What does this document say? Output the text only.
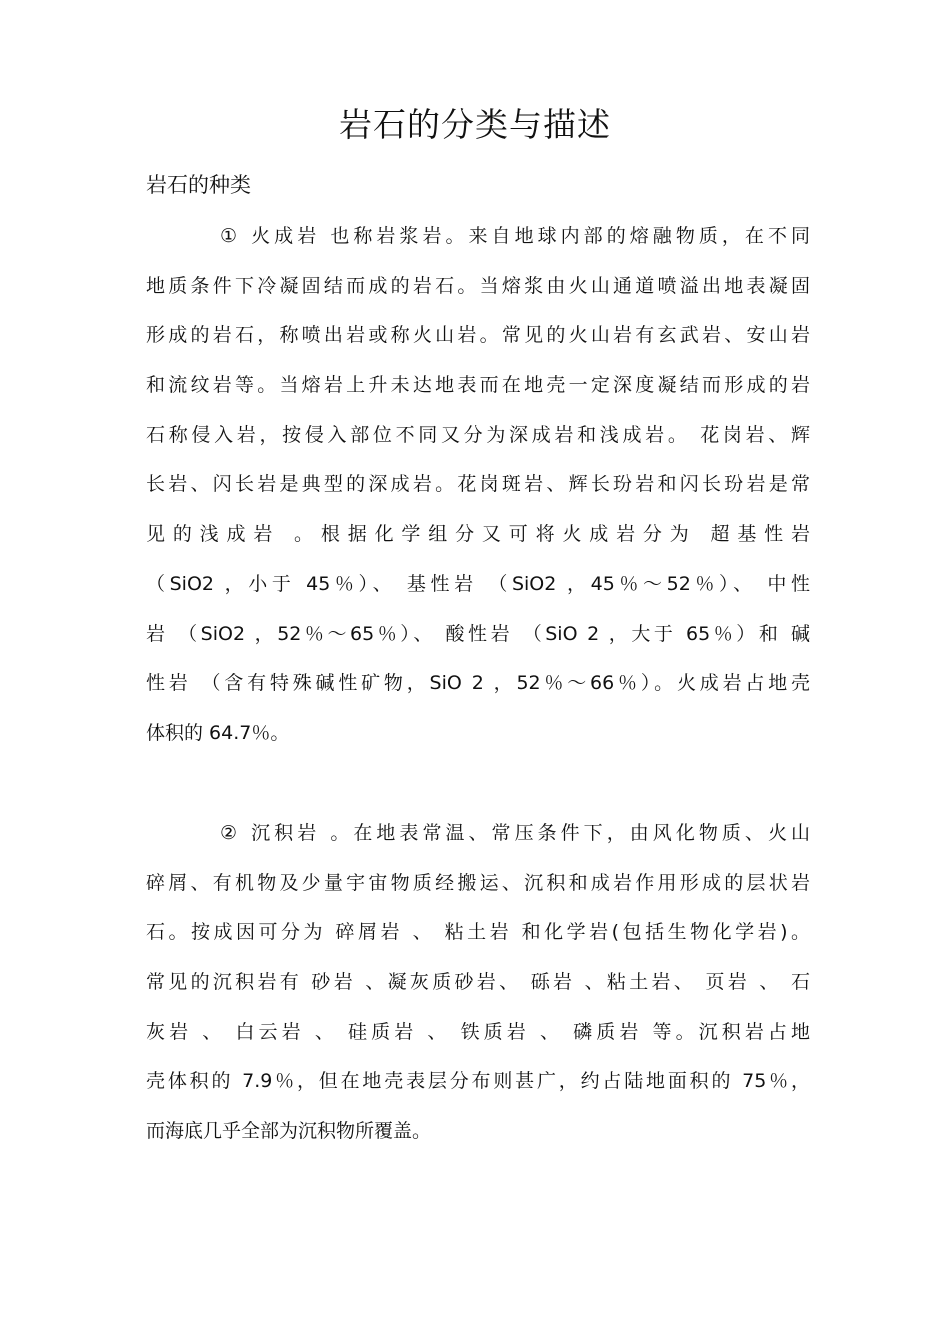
岩石的分类与描述
岩石的种类
① 火成岩 也称岩浆岩。来自地球内部的熔融物质，在不同
地质条件下冷凝固结而成的岩石。当熔浆由火山通道喷溢出地表凝固
形成的岩石，称喷出岩或称火山岩。常见的火山岩有玄武岩、安山岩
和流纹岩等。当熔岩上升未达地表而在地壳一定深度凝结而形成的岩
石称侵入岩，按侵入部位不同又分为深成岩和浅成岩。 花岗岩、辉
长岩、闪长岩是典型的深成岩。花岗斑岩、辉长玢岩和闪长玢岩是常
见的浅成岩 。根据化学组分又可将火成岩分为 超基性岩
（SiO2 ，小于 45％）、 基性岩 （SiO2 ，45％～52％）、 中性
岩 （SiO2 ，52％～65％）、 酸性岩 （SiO 2 ，大于 65％）和 碱
性岩 （含有特殊碱性矿物，SiO 2 ，52％～66％）。火成岩占地壳
体积的 64.7％。
② 沉积岩 。在地表常温、常压条件下，由风化物质、火山
碎屑、有机物及少量宇宙物质经搬运、沉积和成岩作用形成的层状岩
石。按成因可分为 碎屑岩 、 粘土岩 和化学岩(包括生物化学岩)。
常见的沉积岩有 砂岩 、凝灰质砂岩、 砾岩 、粘土岩、 页岩 、 石
灰岩 、 白云岩 、 硅质岩 、 铁质岩 、 磷质岩 等。沉积岩占地
壳体积的 7.9％，但在地壳表层分布则甚广，约占陆地面积的 75％，
而海底几乎全部为沉积物所覆盖。
